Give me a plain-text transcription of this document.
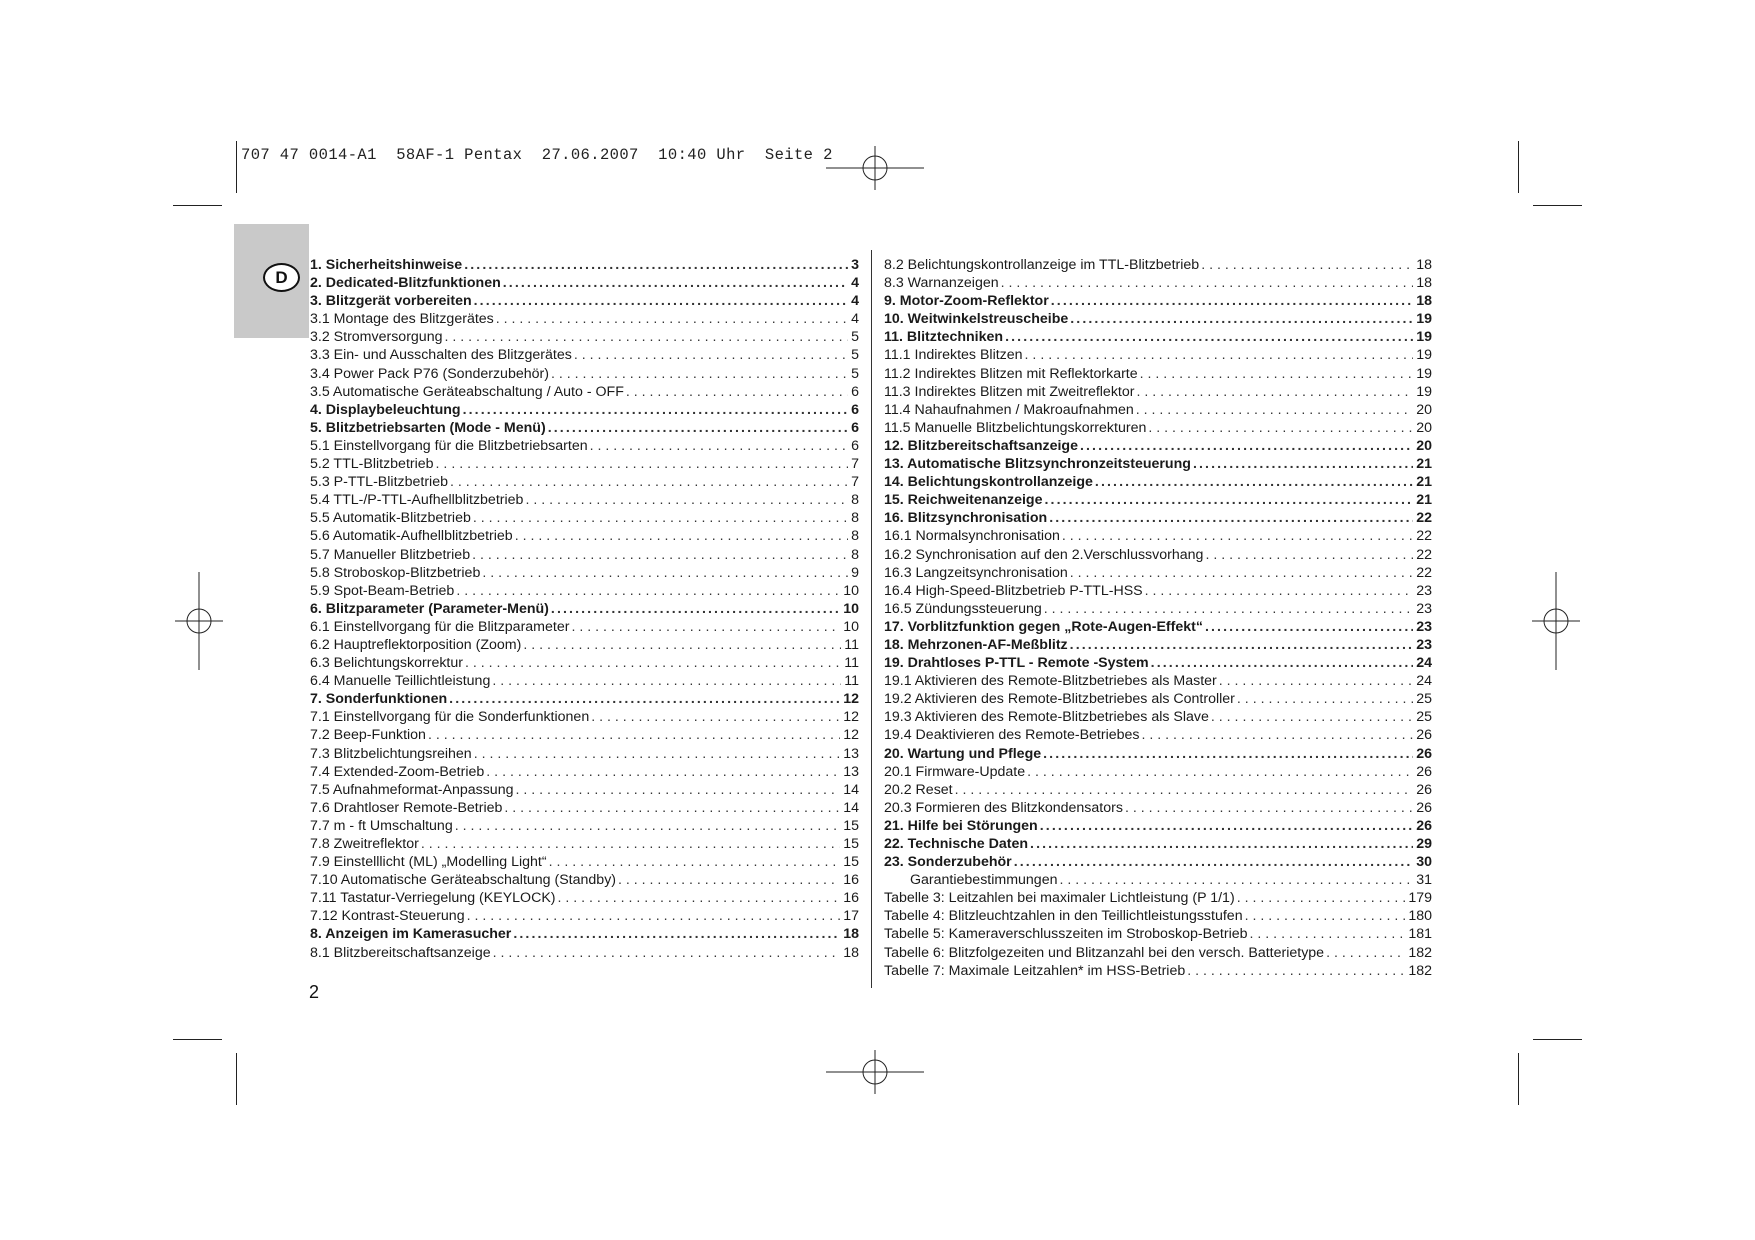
707 47 0014-A1  58AF-1 Pentax  27.06.2007  10:40 Uhr  Seite 2
D
1. Sicherheitshinweise .....	3
2. Dedicated-Blitzfunktionen .....	4
3. Blitzgerät vorbereiten .....	4
3.1 Montage des Blitzgerätes . . .	4
3.2 Stromversorgung . . .	5
3.3 Ein- und Ausschalten des Blitzgerätes . . .	5
3.4 Power Pack P76 (Sonderzubehör) . . .	5
3.5 Automatische Geräteabschaltung / Auto - OFF . . .	6
4. Displaybeleuchtung .....	6
5. Blitzbetriebsarten (Mode - Menü) .....	6
5.1 Einstellvorgang für die Blitzbetriebsarten . . .	6
5.2 TTL-Blitzbetrieb . . .	7
5.3 P-TTL-Blitzbetrieb . . .	7
5.4 TTL-/P-TTL-Aufhellblitzbetrieb . . .	8
5.5 Automatik-Blitzbetrieb . . .	8
5.6 Automatik-Aufhellblitzbetrieb . . .	8
5.7 Manueller Blitzbetrieb . . .	8
5.8 Stroboskop-Blitzbetrieb . . .	9
5.9 Spot-Beam-Betrieb . . .	10
6. Blitzparameter (Parameter-Menü) .....	10
6.1 Einstellvorgang für die Blitzparameter . . .	10
6.2 Hauptreflektorposition (Zoom) . . .	11
6.3 Belichtungskorrektur . . .	11
6.4 Manuelle Teillichtleistung . . .	11
7. Sonderfunktionen .....	12
7.1 Einstellvorgang für die Sonderfunktionen . . .	12
7.2 Beep-Funktion . . .	12
7.3 Blitzbelichtungsreihen . . .	13
7.4 Extended-Zoom-Betrieb . . .	13
7.5 Aufnahmeformat-Anpassung . . .	14
7.6 Drahtloser Remote-Betrieb . . .	14
7.7 m - ft Umschaltung . . .	15
7.8 Zweitreflektor . . .	15
7.9 Einstelllicht (ML) „Modelling Light“ . . .	15
7.10 Automatische Geräteabschaltung (Standby) . . .	16
7.11 Tastatur-Verriegelung (KEYLOCK) . . .	16
7.12 Kontrast-Steuerung . . .	17
8. Anzeigen im Kamerasucher .....	18
8.1 Blitzbereitschaftsanzeige . . .	18
8.2 Belichtungskontrollanzeige im TTL-Blitzbetrieb . . .	18
8.3 Warnanzeigen . . .	18
9. Motor-Zoom-Reflektor .....	18
10. Weitwinkelstreuscheibe .....	19
11. Blitztechniken .....	19
11.1 Indirektes Blitzen . . .	19
11.2 Indirektes Blitzen mit Reflektorkarte . . .	19
11.3 Indirektes Blitzen mit Zweitreflektor . . .	19
11.4 Nahaufnahmen / Makroaufnahmen . . .	20
11.5 Manuelle Blitzbelichtungskorrekturen . . .	20
12. Blitzbereitschaftsanzeige .....	20
13. Automatische Blitzsynchronzeitsteuerung .....	21
14. Belichtungskontrollanzeige .....	21
15. Reichweitenanzeige .....	21
16. Blitzsynchronisation .....	22
16.1 Normalsynchronisation . . .	22
16.2 Synchronisation auf den 2.Verschlussvorhang . . .	22
16.3 Langzeitsynchronisation . . .	22
16.4 High-Speed-Blitzbetrieb P-TTL-HSS . . .	23
16.5 Zündungssteuerung . . .	23
17. Vorblitzfunktion gegen „Rote-Augen-Effekt“ .....	23
18. Mehrzonen-AF-Meßblitz .....	23
19. Drahtloses P-TTL - Remote -System .....	24
19.1 Aktivieren des Remote-Blitzbetriebes als Master . . .	24
19.2 Aktivieren des Remote-Blitzbetriebes als Controller . . .	25
19.3 Aktivieren des Remote-Blitzbetriebes als Slave . . .	25
19.4 Deaktivieren des Remote-Betriebes . . .	26
20. Wartung und Pflege .....	26
20.1 Firmware-Update . . .	26
20.2 Reset . . .	26
20.3 Formieren des Blitzkondensators . . .	26
21. Hilfe bei Störungen .....	26
22. Technische Daten .....	29
23. Sonderzubehör .....	30
Garantiebestimmungen . . .	31
Tabelle 3: Leitzahlen bei maximaler Lichtleistung (P 1/1) . . .	179
Tabelle 4: Blitzleuchtzahlen in den Teillichtleistungsstufen . . .	180
Tabelle 5: Kameraverschlusszeiten im Stroboskop-Betrieb . . .	181
Tabelle 6: Blitzfolgezeiten und Blitzanzahl bei den versch. Batterietype . . .	182
Tabelle 7: Maximale Leitzahlen* im HSS-Betrieb . . .	182
2
